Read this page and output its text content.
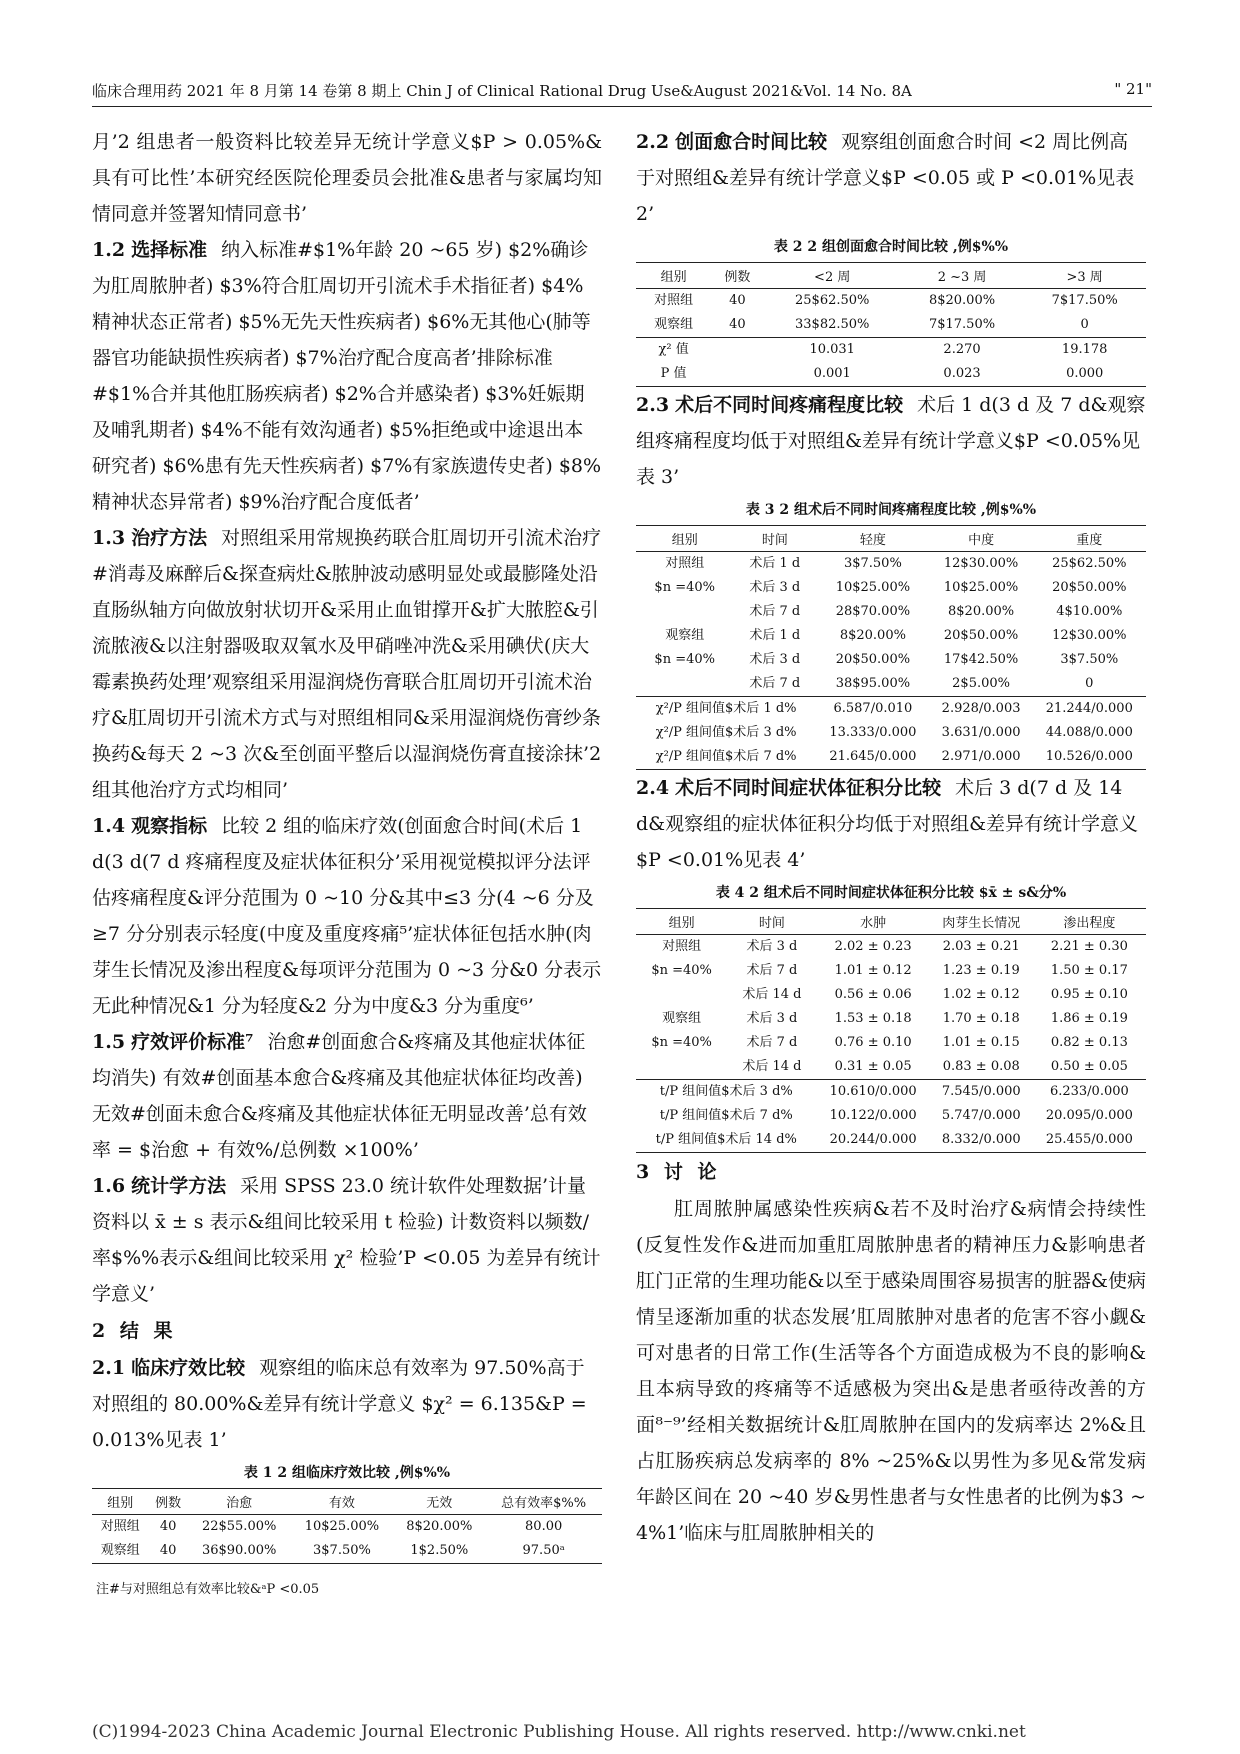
临床合理用药 2021 年 8 月第 14 卷第 8 期上 Chin J of Clinical Rational Drug Use&August 2021&Vol. 14 No. 8A	" 21"

月’2 组患者一般资料比较差异无统计学意义$P > 0.05%&具有可比性’本研究经医院伦理委员会批准&患者与家属均知情同意并签署知情同意书’

1.2 选择标准 纳入标准#$1%年龄 20 ~65 岁) $2%确诊为肛周脓肿者) $3%符合肛周切开引流术手术指征者) $4%精神状态正常者) $5%无先天性疾病者) $6%无其他心(肺等器官功能缺损性疾病者) $7%治疗配合度高者’排除标准#$1%合并其他肛肠疾病者) $2%合并感染者) $3%妊娠期及哺乳期者) $4%不能有效沟通者) $5%拒绝或中途退出本研究者) $6%患有先天性疾病者) $7%有家族遗传史者) $8%精神状态异常者) $9%治疗配合度低者’

1.3 治疗方法 对照组采用常规换药联合肛周切开引流术治疗#消毒及麻醉后&探查病灶&脓肿波动感明显处或最膨隆处沿直肠纵轴方向做放射状切开&采用止血钳撑开&扩大脓腔&引流脓液&以注射器吸取双氧水及甲硝唑冲洗&采用碘伏(庆大霉素换药处理’观察组采用湿润烧伤膏联合肛周切开引流术治疗&肛周切开引流术方式与对照组相同&采用湿润烧伤膏纱条换药&每天 2 ~3 次&至创面平整后以湿润烧伤膏直接涂抹’2 组其他治疗方式均相同’

1.4 观察指标 比较 2 组的临床疗效(创面愈合时间(术后 1 d(3 d(7 d 疼痛程度及症状体征积分’采用视觉模拟评分法评估疼痛程度&评分范围为 0 ~10 分&其中≤3 分(4 ~6 分及≥7 分分别表示轻度(中度及重度疼痛⁵’症状体征包括水肿(肉芽生长情况及渗出程度&每项评分范围为 0 ~3 分&0 分表示无此种情况&1 分为轻度&2 分为中度&3 分为重度⁶’

1.5 疗效评价标准⁷ 治愈#创面愈合&疼痛及其他症状体征均消失) 有效#创面基本愈合&疼痛及其他症状体征均改善) 无效#创面未愈合&疼痛及其他症状体征无明显改善’总有效率 = $治愈 + 有效%/总例数 ×100%’

1.6 统计学方法 采用 SPSS 23.0 统计软件处理数据’计量资料以 x̄ ± s 表示&组间比较采用 t 检验) 计数资料以频数/率$%%表示&组间比较采用 χ² 检验’P <0.05 为差异有统计学意义’

2 结 果

2.1 临床疗效比较 观察组的临床总有效率为 97.50%高于对照组的 80.00%&差异有统计学意义 $χ² = 6.135&P = 0.013%见表 1’

表 1 2 组临床疗效比较 ,例$%%
组别	例数	治愈	有效	无效	总有效率$%%
对照组	40	22$55.00%	10$25.00%	8$20.00%	80.00
观察组	40	36$90.00%	3$7.50%	1$2.50%	97.50ᵃ
注#与对照组总有效率比较&ᵃP <0.05

2.2 创面愈合时间比较 观察组创面愈合时间 <2 周比例高于对照组&差异有统计学意义$P <0.05 或 P <0.01%见表 2’

表 2 2 组创面愈合时间比较 ,例$%%
组别	例数	<2 周	2 ~3 周	>3 周
对照组	40	25$62.50%	8$20.00%	7$17.50%
观察组	40	33$82.50%	7$17.50%	0
χ² 值		10.031	2.270	19.178
P 值		0.001	0.023	0.000

2.3 术后不同时间疼痛程度比较 术后 1 d(3 d 及 7 d&观察组疼痛程度均低于对照组&差异有统计学意义$P <0.05%见表 3’

表 3 2 组术后不同时间疼痛程度比较 ,例$%%
组别	时间	轻度	中度	重度
对照组	术后 1 d	3$7.50%	12$30.00%	25$62.50%
$n =40%	术后 3 d	10$25.00%	10$25.00%	20$50.00%
	术后 7 d	28$70.00%	8$20.00%	4$10.00%
观察组	术后 1 d	8$20.00%	20$50.00%	12$30.00%
$n =40%	术后 3 d	20$50.00%	17$42.50%	3$7.50%
	术后 7 d	38$95.00%	2$5.00%	0
χ²/P 组间值$术后 1 d%		6.587/0.010	2.928/0.003	21.244/0.000
χ²/P 组间值$术后 3 d%		13.333/0.000	3.631/0.000	44.088/0.000
χ²/P 组间值$术后 7 d%		21.645/0.000	2.971/0.000	10.526/0.000

2.4 术后不同时间症状体征积分比较 术后 3 d(7 d 及 14 d&观察组的症状体征积分均低于对照组&差异有统计学意义$P <0.01%见表 4’

表 4 2 组术后不同时间症状体征积分比较 $x̄ ± s&分%
组别	时间	水肿	肉芽生长情况	渗出程度
对照组	术后 3 d	2.02 ± 0.23	2.03 ± 0.21	2.21 ± 0.30
$n =40%	术后 7 d	1.01 ± 0.12	1.23 ± 0.19	1.50 ± 0.17
	术后 14 d	0.56 ± 0.06	1.02 ± 0.12	0.95 ± 0.10
观察组	术后 3 d	1.53 ± 0.18	1.70 ± 0.18	1.86 ± 0.19
$n =40%	术后 7 d	0.76 ± 0.10	1.01 ± 0.15	0.82 ± 0.13
	术后 14 d	0.31 ± 0.05	0.83 ± 0.08	0.50 ± 0.05
t/P 组间值$术后 3 d%		10.610/0.000	7.545/0.000	6.233/0.000
t/P 组间值$术后 7 d%		10.122/0.000	5.747/0.000	20.095/0.000
t/P 组间值$术后 14 d%		20.244/0.000	8.332/0.000	25.455/0.000

3 讨 论

肛周脓肿属感染性疾病&若不及时治疗&病情会持续性(反复性发作&进而加重肛周脓肿患者的精神压力&影响患者肛门正常的生理功能&以至于感染周围容易损害的脏器&使病情呈逐渐加重的状态发展’肛周脓肿对患者的危害不容小觑&可对患者的日常工作(生活等各个方面造成极为不良的影响&且本病导致的疼痛等不适感极为突出&是患者亟待改善的方面⁸⁻⁹’经相关数据统计&肛周脓肿在国内的发病率达 2%&且占肛肠疾病总发病率的 8% ~25%&以男性为多见&常发病年龄区间在 20 ~40 岁&男性患者与女性患者的比例为$3 ~4%1’临床与肛周脓肿相关的

(C)1994-2023 China Academic Journal Electronic Publishing House. All rights reserved. http://www.cnki.net
